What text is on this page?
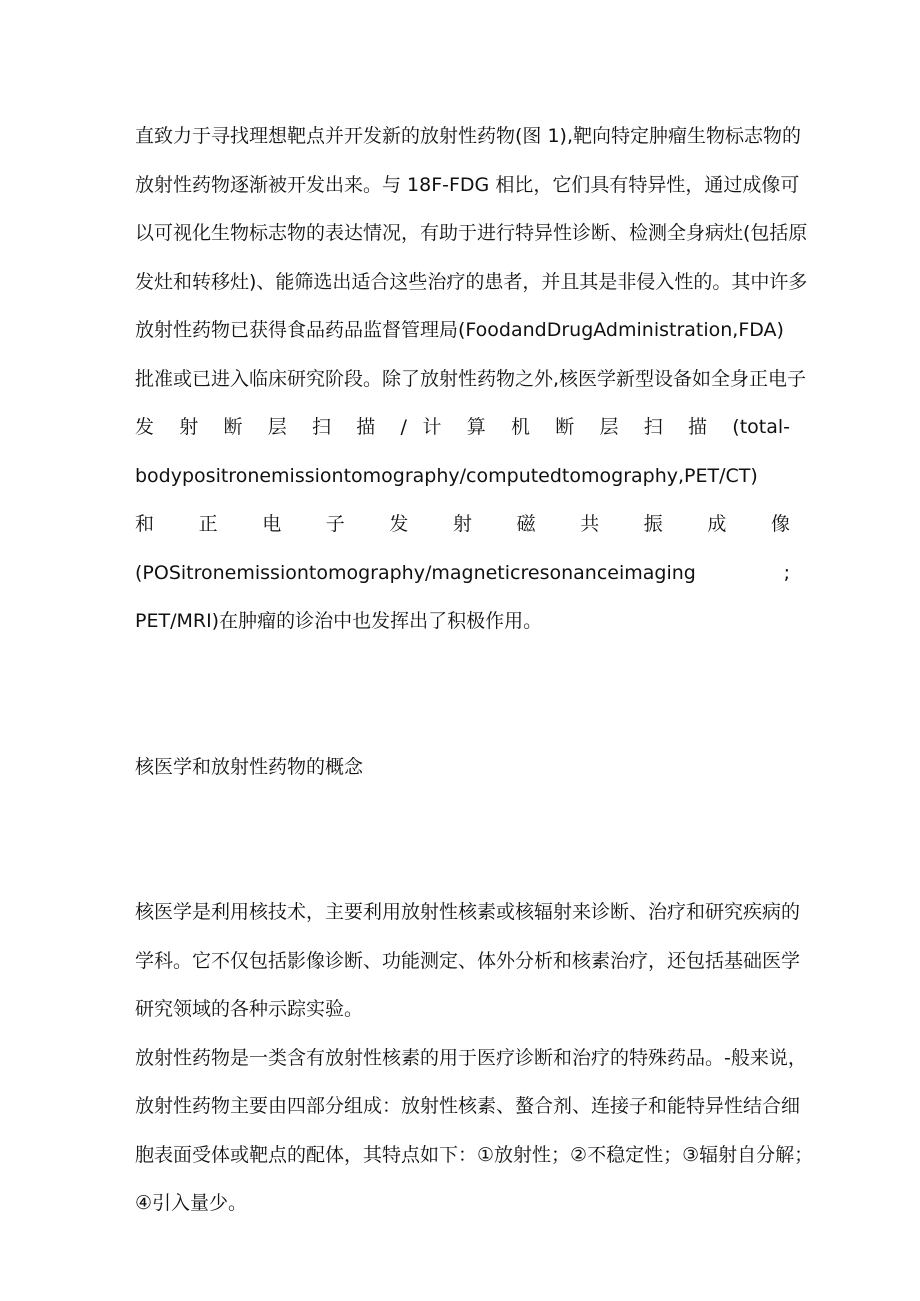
直致力于寻找理想靶点并开发新的放射性药物(图 1),靶向特定肿瘤生物标志物的
放射性药物逐渐被开发出来。与 18F-FDG 相比，它们具有特异性，通过成像可
以可视化生物标志物的表达情况，有助于进行特异性诊断、检测全身病灶(包括原
发灶和转移灶)、能筛选出适合这些治疗的患者，并且其是非侵入性的。其中许多
放射性药物已获得食品药品监督管理局(FoodandDrugAdministration,FDA)
批准或已进入临床研究阶段。除了放射性药物之外,核医学新型设备如全身正电子
发 射 断 层 扫 描 / 计 算 机 断 层 扫 描 (total-
bodypositronemissiontomography/computedtomography,PET∕CT)
和 正 电 子 发 射 磁 共 振 成 像
(POSitronemissiontomography/magneticresonanceimaging ;
PET/MRI)在肿瘤的诊治中也发挥出了积极作用。
核医学和放射性药物的概念
核医学是利用核技术，主要利用放射性核素或核辐射来诊断、治疗和研究疾病的
学科。它不仅包括影像诊断、功能测定、体外分析和核素治疗，还包括基础医学
研究领域的各种示踪实验。
放射性药物是一类含有放射性核素的用于医疗诊断和治疗的特殊药品。-般来说，
放射性药物主要由四部分组成：放射性核素、螯合剂、连接子和能特异性结合细
胞表面受体或靶点的配体，其特点如下：①放射性；②不稳定性；③辐射自分解；
④引入量少。
